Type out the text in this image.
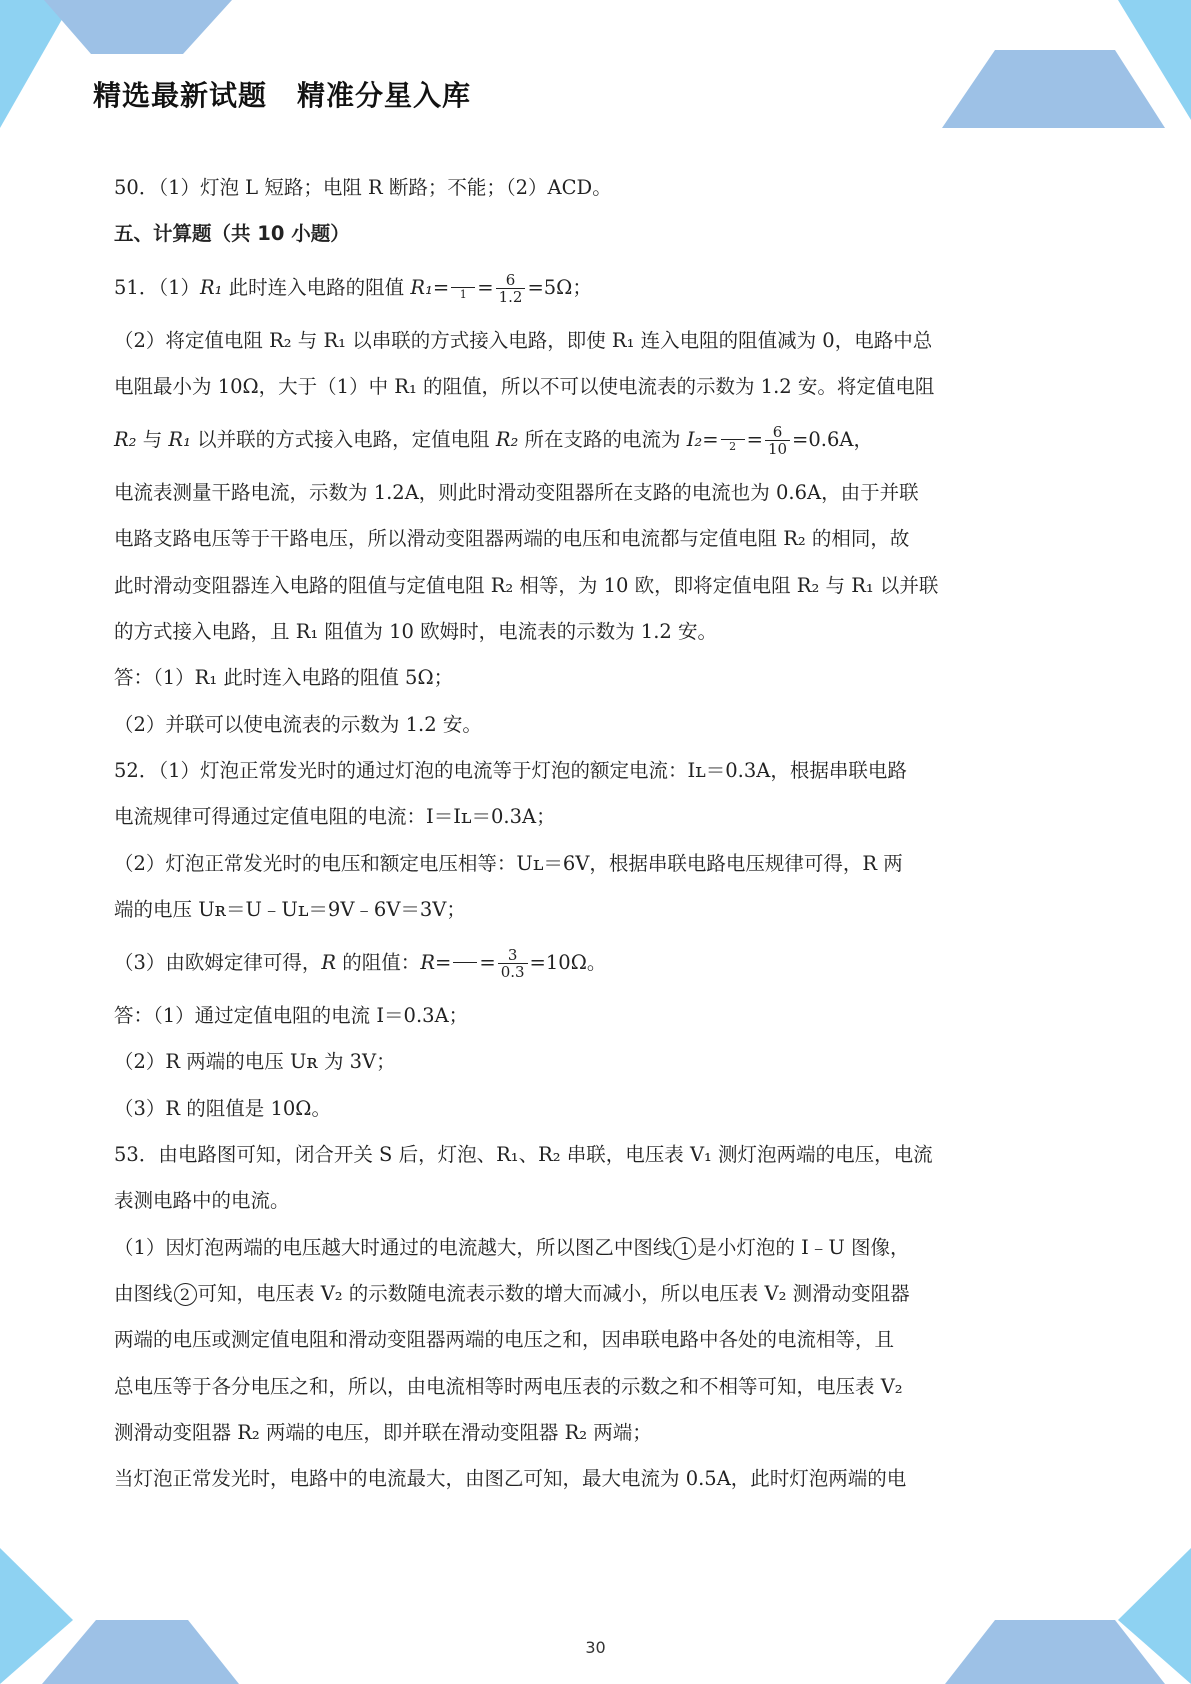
精选最新试题 精准分星入库
50．（1）灯泡 L 短路；电阻 R 断路；不能；（2）ACD。
五、计算题（共 10 小题）
51．（1）R₁ 此时连入电路的阻值 $R_1= 1 = \frac{6}{1.2} =5\Omega$；
（2）将定值电阻 R₂ 与 R₁ 以串联的方式接入电路，即使 R₁ 连入电阻的阻值减为 0，电路中总
电阻最小为 10Ω，大于（1）中 R₁ 的阻值，所以不可以使电流表的示数为 1.2 安。将定值电阻
R₂ 与 R₁ 以并联的方式接入电路，定值电阻 R₂ 所在支路的电流为 $I_2= 2 = \frac{6}{10} =0.6A$，
电流表测量干路电流，示数为 1.2A，则此时滑动变阻器所在支路的电流也为 0.6A，由于并联
电路支路电压等于干路电压，所以滑动变阻器两端的电压和电流都与定值电阻 R₂ 的相同，故
此时滑动变阻器连入电路的阻值与定值电阻 R₂ 相等，为 10 欧，即将定值电阻 R₂ 与 R₁ 以并联
的方式接入电路，且 R₁ 阻值为 10 欧姆时，电流表的示数为 1.2 安。
答：（1）R₁ 此时连入电路的阻值 5Ω；
（2）并联可以使电流表的示数为 1.2 安。
52．（1）灯泡正常发光时的通过灯泡的电流等于灯泡的额定电流：Iʟ＝0.3A，根据串联电路
电流规律可得通过定值电阻的电流：I＝Iʟ＝0.3A；
（2）灯泡正常发光时的电压和额定电压相等：Uʟ＝6V，根据串联电路电压规律可得，R 两
端的电压 Uʀ＝U﹣Uʟ＝9V﹣6V＝3V；
（3）由欧姆定律可得，R 的阻值：$R= = \frac{3}{0.3} =10\Omega$。
答：（1）通过定值电阻的电流 I＝0.3A；
（2）R 两端的电压 Uʀ 为 3V；
（3）R 的阻值是 10Ω。
53．由电路图可知，闭合开关 S 后，灯泡、R₁、R₂ 串联，电压表 V₁ 测灯泡两端的电压，电流
表测电路中的电流。
（1）因灯泡两端的电压越大时通过的电流越大，所以图乙中图线 1 是小灯泡的 I﹣U 图像，
由图线 2 可知，电压表 V₂ 的示数随电流表示数的增大而减小，所以电压表 V₂ 测滑动变阻器
两端的电压或测定值电阻和滑动变阻器两端的电压之和，因串联电路中各处的电流相等，且
总电压等于各分电压之和，所以，由电流相等时两电压表的示数之和不相等可知，电压表 V₂
测滑动变阻器 R₂ 两端的电压，即并联在滑动变阻器 R₂ 两端；
当灯泡正常发光时，电路中的电流最大，由图乙可知，最大电流为 0.5A，此时灯泡两端的电
30
